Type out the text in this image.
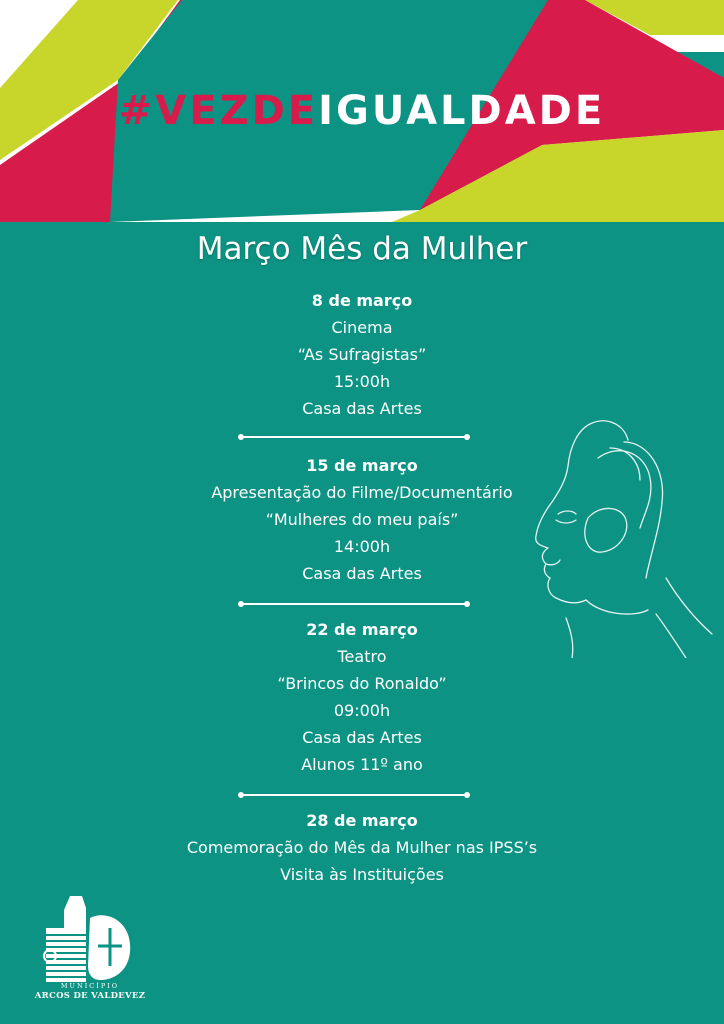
#VEZDEIGUALDADE
Março Mês da Mulher
8 de março
Cinema
“As Sufragistas”
15:00h
Casa das Artes
15 de março
Apresentação do Filme/Documentário
“Mulheres do meu país”
14:00h
Casa das Artes
22 de março
Teatro
“Brincos do Ronaldo”
09:00h
Casa das Artes
Alunos 11º ano
28 de março
Comemoração do Mês da Mulher nas IPSS’s
Visita às Instituições
MUNICÍPIO
ARCOS DE VALDEVEZ
